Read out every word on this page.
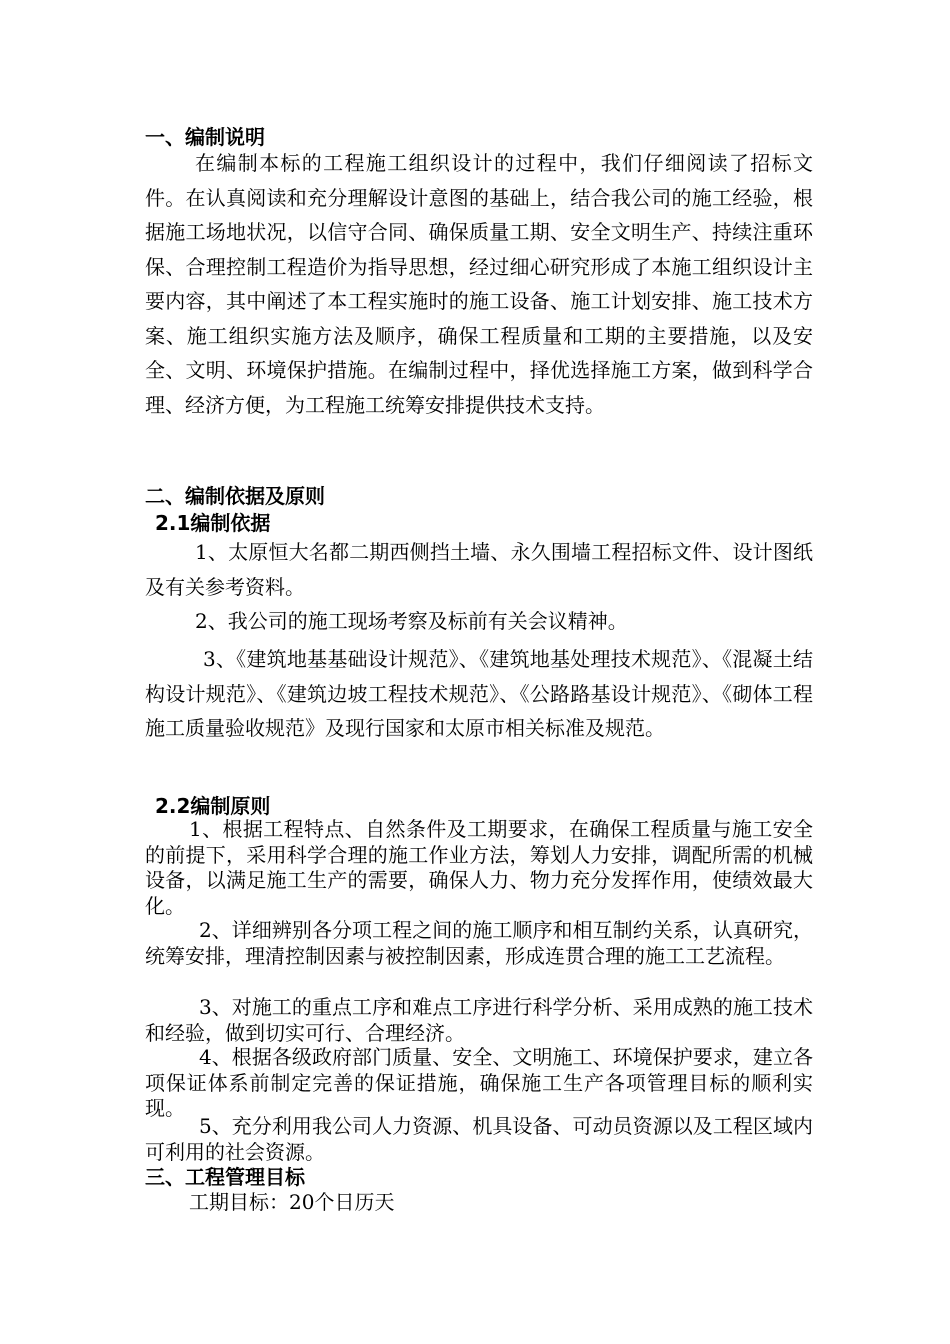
一、编制说明

在编制本标的工程施工组织设计的过程中，我们仔细阅读了招标文件。在认真阅读和充分理解设计意图的基础上，结合我公司的施工经验，根据施工场地状况，以信守合同、确保质量工期、安全文明生产、持续注重环保、合理控制工程造价为指导思想，经过细心研究形成了本施工组织设计主要内容，其中阐述了本工程实施时的施工设备、施工计划安排、施工技术方案、施工组织实施方法及顺序，确保工程质量和工期的主要措施，以及安全、文明、环境保护措施。在编制过程中，择优选择施工方案，做到科学合理、经济方便，为工程施工统筹安排提供技术支持。

二、编制依据及原则
2.1编制依据

1、太原恒大名都二期西侧挡土墙、永久围墙工程招标文件、设计图纸及有关参考资料。

2、我公司的施工现场考察及标前有关会议精神。

3、《建筑地基基础设计规范》、《建筑地基处理技术规范》、《混凝土结构设计规范》、《建筑边坡工程技术规范》、《公路路基设计规范》、《砌体工程施工质量验收规范》及现行国家和太原市相关标准及规范。

2.2编制原则

1、根据工程特点、自然条件及工期要求，在确保工程质量与施工安全的前提下，采用科学合理的施工作业方法，筹划人力安排，调配所需的机械设备，以满足施工生产的需要，确保人力、物力充分发挥作用，使绩效最大化。

2、详细辨别各分项工程之间的施工顺序和相互制约关系，认真研究，统筹安排，理清控制因素与被控制因素，形成连贯合理的施工工艺流程。

3、对施工的重点工序和难点工序进行科学分析、采用成熟的施工技术和经验，做到切实可行、合理经济。

4、根据各级政府部门质量、安全、文明施工、环境保护要求，建立各项保证体系前制定完善的保证措施，确保施工生产各项管理目标的顺利实现。

5、充分利用我公司人力资源、机具设备、可动员资源以及工程区域内可利用的社会资源。

三、工程管理目标

工期目标：20个日历天
